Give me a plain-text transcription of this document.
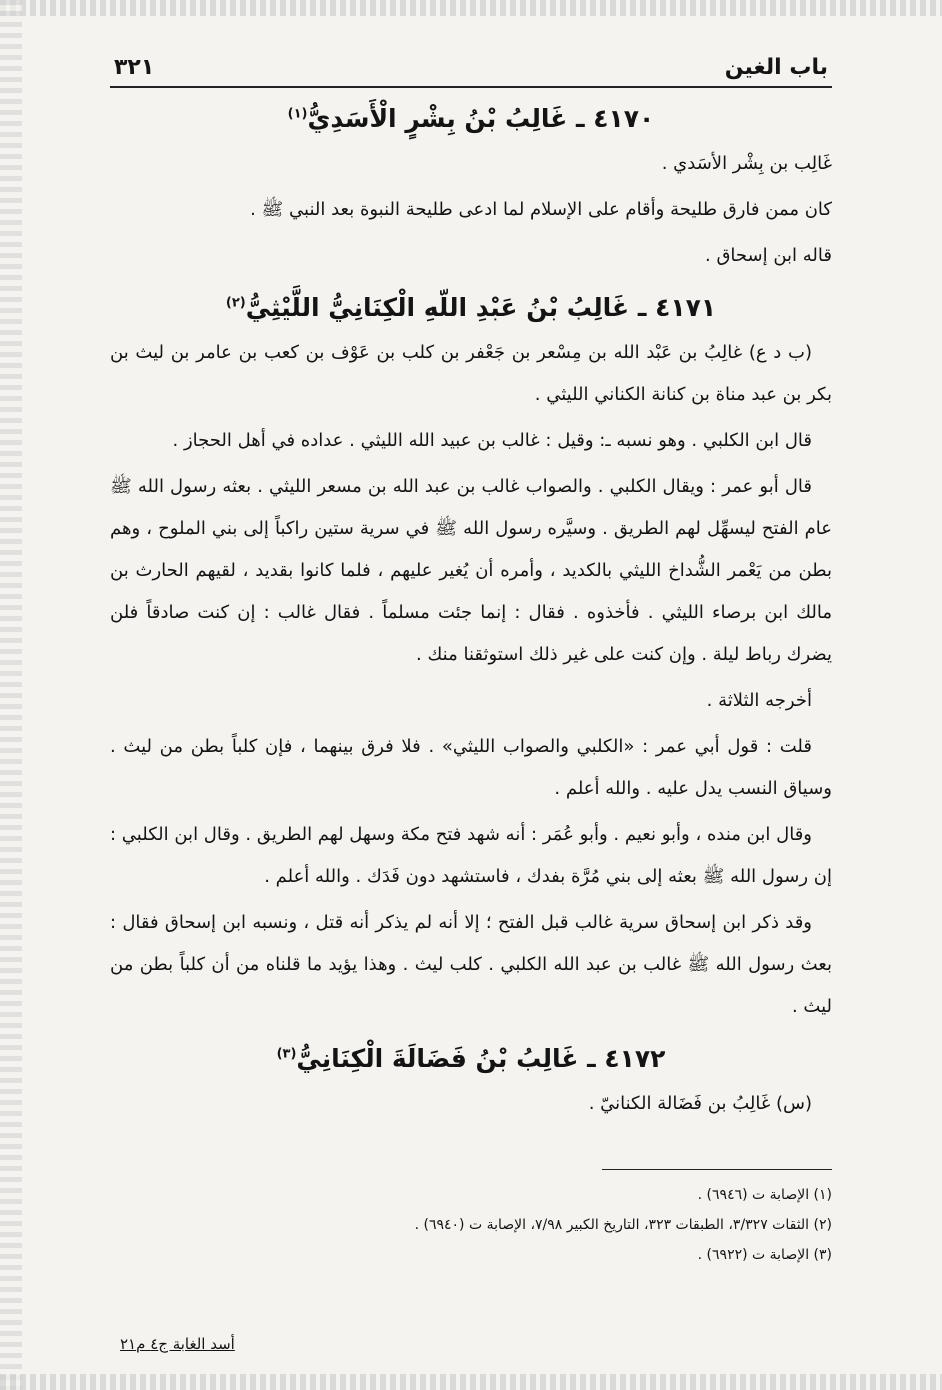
باب الغين
٣٢١
٤١٧٠ ـ غَالِبُ بْنُ بِشْرٍ الْأَسَدِيُّ$^{(١)}$

غَالِب بن بِشْر الأسَدي .

كان ممن فارق طليحة وأقام على الإسلام لما ادعى طليحة النبوة بعد النبي ﷺ .

قاله ابن إسحاق .

٤١٧١ ـ غَالِبُ بْنُ عَبْدِ اللّهِ الْكِنَانِيُّ اللَّيْثِيُّ$^{(٢)}$

(ب د ع) غالِبُ بن عَبْد الله بن مِسْعر بن جَعْفر بن كلب بن عَوْف بن كعب بن عامر بن ليث بن بكر بن عبد مناة بن كنانة الكناني الليثي .

قال ابن الكلبي . وهو نسبه ـ: وقيل : غالب بن عبيد الله الليثي . عداده في أهل الحجاز .

قال أبو عمر : ويقال الكلبي . والصواب غالب بن عبد الله بن مسعر الليثي . بعثه رسول الله ﷺ عام الفتح ليسهِّل لهم الطريق . وسيَّره رسول الله ﷺ في سرية ستين راكباً إلى بني الملوح ، وهم بطن من يَعْمر الشُّداخ الليثي بالكديد ، وأمره أن يُغير عليهم ، فلما كانوا بقديد ، لقيهم الحارث بن مالك ابن برصاء الليثي . فأخذوه . فقال : إنما جئت مسلماً . فقال غالب : إن كنت صادقاً فلن يضرك رباط ليلة . وإن كنت على غير ذلك استوثقنا منك .

أخرجه الثلاثة .

قلت : قول أبي عمر : «الكلبي والصواب الليثي» . فلا فرق بينهما ، فإن كلباً بطن من ليث . وسياق النسب يدل عليه . والله أعلم .

وقال ابن منده ، وأبو نعيم . وأبو عُمَر : أنه شهد فتح مكة وسهل لهم الطريق . وقال ابن الكلبي : إن رسول الله ﷺ بعثه إلى بني مُرَّة بفدك ، فاستشهد دون فَدَك . والله أعلم .

وقد ذكر ابن إسحاق سرية غالب قبل الفتح ؛ إلا أنه لم يذكر أنه قتل ، ونسبه ابن إسحاق فقال : بعث رسول الله ﷺ غالب بن عبد الله الكلبي . كلب ليث . وهذا يؤيد ما قلناه من أن كلباً بطن من ليث .

٤١٧٢ ـ غَالِبُ بْنُ فَضَالَةَ الْكِنَانِيُّ$^{(٣)}$

(س) غَالِبُ بن فَضَالة الكنانيّ .

(١) الإصابة ت (٦٩٤٦) .
(٢) الثقات ٣/٣٢٧، الطبقات ٣٢٣، التاريخ الكبير ٧/٩٨، الإصابة ت (٦٩٤٠) .
(٣) الإصابة ت (٦٩٢٢) .
أسد الغابة ج٤ م٢١
